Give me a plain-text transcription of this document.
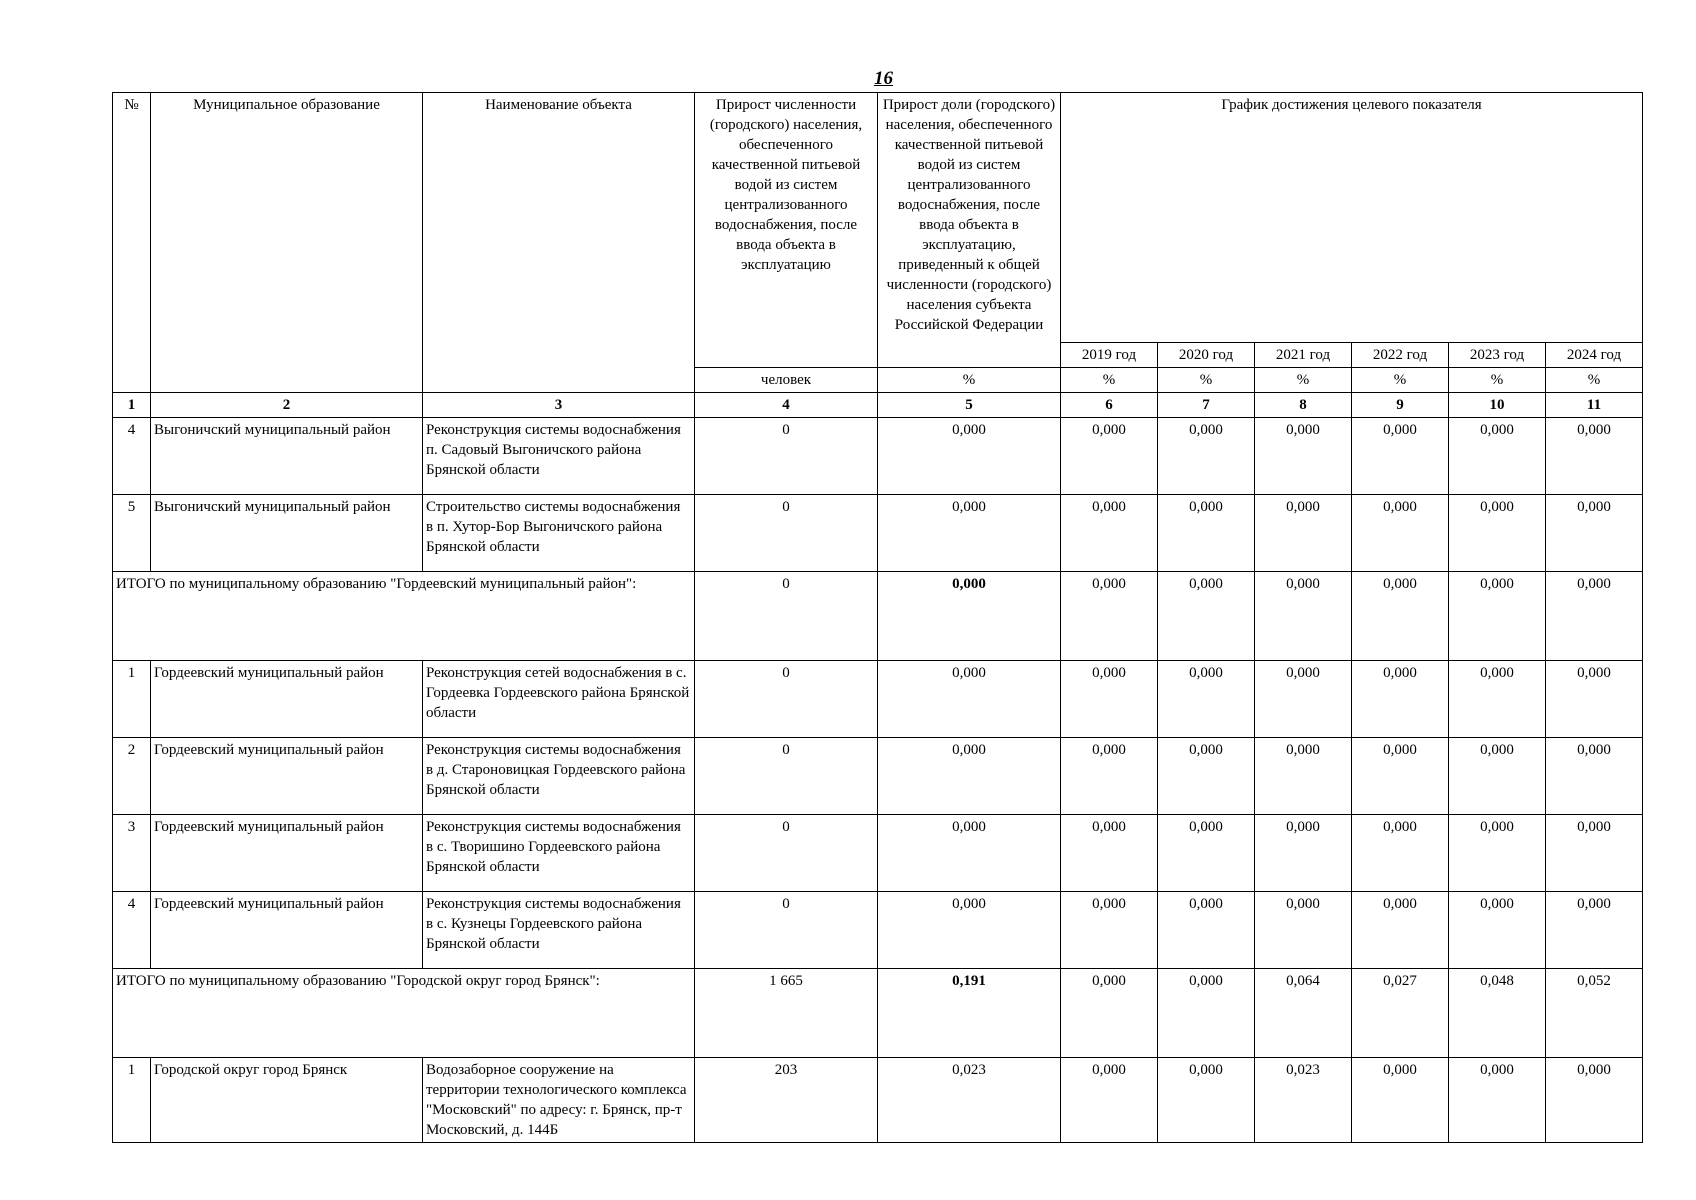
16
№	Муниципальное образование	Наименование объекта	Прирост численности (городского) населения, обеспеченного качественной питьевой водой из систем централизованного водоснабжения, после ввода объекта в эксплуатацию	Прирост доли (городского) населения, обеспеченного качественной питьевой водой из систем централизованного водоснабжения, после ввода объекта в эксплуатацию, приведенный к общей численности (городского) населения субъекта Российской Федерации	График достижения целевого показателя					
					2019 год	2020 год	2021 год	2022 год	2023 год	2024 год
			человек	%	%	%	%	%	%	%
1	2	3	4	5	6	7	8	9	10	11
4	Выгоничский муниципальный район	Реконструкция системы водоснабжения п. Садовый Выгоничского района Брянской области	0	0,000	0,000	0,000	0,000	0,000	0,000	0,000
5	Выгоничский муниципальный район	Строительство системы водоснабжения в п. Хутор-Бор Выгоничского района Брянской области	0	0,000	0,000	0,000	0,000	0,000	0,000	0,000
ИТОГО по муниципальному образованию "Гордеевский муниципальный район":			0	0,000	0,000	0,000	0,000	0,000	0,000	0,000
1	Гордеевский муниципальный район	Реконструкция сетей водоснабжения в с. Гордеевка Гордеевского района Брянской области	0	0,000	0,000	0,000	0,000	0,000	0,000	0,000
2	Гордеевский муниципальный район	Реконструкция системы водоснабжения в д. Староновицкая Гордеевского района Брянской области	0	0,000	0,000	0,000	0,000	0,000	0,000	0,000
3	Гордеевский муниципальный район	Реконструкция системы водоснабжения в с. Творишино Гордеевского района Брянской области	0	0,000	0,000	0,000	0,000	0,000	0,000	0,000
4	Гордеевский муниципальный район	Реконструкция системы водоснабжения в с. Кузнецы Гордеевского района Брянской области	0	0,000	0,000	0,000	0,000	0,000	0,000	0,000
ИТОГО по муниципальному образованию "Городской округ город Брянск":			1 665	0,191	0,000	0,000	0,064	0,027	0,048	0,052
1	Городской округ город Брянск	Водозаборное сооружение на территории технологического комплекса "Московский" по адресу: г. Брянск, пр-т Московский, д. 144Б	203	0,023	0,000	0,000	0,023	0,000	0,000	0,000
